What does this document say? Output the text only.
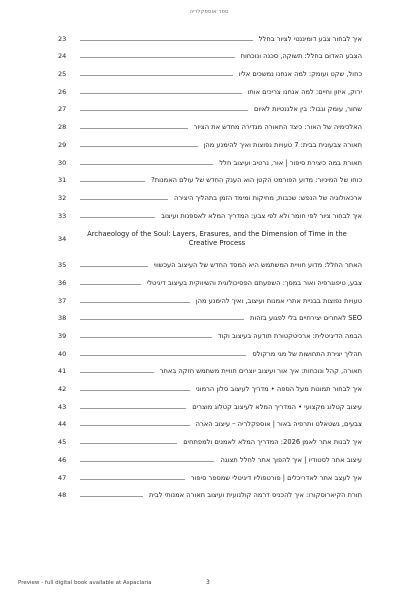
ספר אוספקלריה
23	איך לבחור צבע דומיננטי לציור בחלל
24	הצבע האדום בחלל: תשוקה, סכנה ונוכחות
25	כחול, שקט ועומק: למה אנחנו נמשכים אליו
26	ירוק, איזון וחיים: למה אנחנו צריכים אותו
27	שחור, עומק וגבול: בין אלגנטיות לאיום
28	האלכימיה של האור: כיצד התאורה מגדירה מחדש את הציור
29	תאורה צבעונית בבית: 7 טעויות נפוצות ואיך להימנע מהן
30	תאורת במה כיצירת סיפור | אור, נרטיב ועיצוב חלל
31	כוחו של המיניור: מדוע הפורמט הקטן הוא הענק החדש של עולם האמנות?
32	ארכאולוגיה של הנפש: שכבות, מחיקות ומימד הזמן בתהליך היצירה
33	איך לבחור ציור לפי חומר ולא לפי צבע: המדריך המלא לאספנות ועיצוב
34
Archaeology of the Soul: Layers, Erasures, and the Dimension of Time in the Creative Process
35	האתר החלל: מדוע חוויית המשתמש היא המסד החדש של העיצוב העכשווי
36	צבע, טיפוגרפיה ואור במסך: השפעתם הפסיכולוגית והשיווקית בעיצוב דיגיטלי
37	טעויות נפוצות בבניית אתרי אמנות ועיצוב, ואיך להימנע מהן
38	SEO לאתרים יצירתיים בלי לפגוע בזהות
39	הבמה הדיגיטלית: ארכיטקטורת תודעה בעיצוב וקוד
40	תהליך יצירת התחושות של מגי מרקולס
41	תאורה, קהל ונוכחות: איך אור ועיצוב יוצרים חוויית משתמש חזקה באתר
42	איך לבחור תמונות מעל הספה • מדריך לעיצוב סלון הרמוני
43	עיצוב קטלוג מקצועי • המדריך המלא לעיצוב קטלוג מוצרים
44	צבעים, גשטאלט ותרפיה באור | אוספקלריה – עיצוב הארה
45	איך לבנות אתר לאמן 2026: המדריך המלא לאמנים ולמפתחים
46	עיצוב אתר לסטודיו | איך להפוך אתר לחלל תצוגה
47	איך לעצב אתר לאדריכלים | פורטפוליו דיגיטלי שמספר סיפור
48	תורת הקיארוסקורו: איך להכניס דרמה קולנועית ועיצוב תאורה אמנותי לבית
Preview - full digital book available at Aspaclaria	3
